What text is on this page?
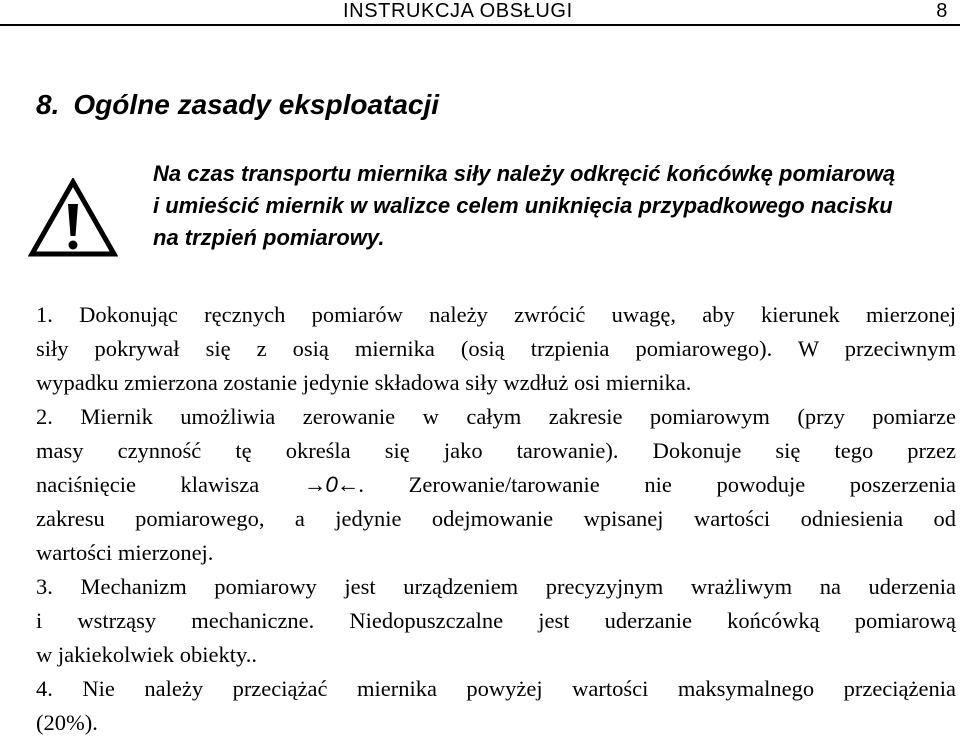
INSTRUKCJA OBSŁUGI	8
8. Ogólne zasady eksploatacji
Na czas transportu miernika siły należy odkręcić końcówkę pomiarową
i umieścić miernik w walizce celem uniknięcia przypadkowego nacisku
na trzpień pomiarowy.
1. Dokonując ręcznych pomiarów należy zwrócić uwagę, aby kierunek mierzonej
siły pokrywał się z osią miernika (osią trzpienia pomiarowego). W przeciwnym
wypadku zmierzona zostanie jedynie składowa siły wzdłuż osi miernika.
2. Miernik umożliwia zerowanie w całym zakresie pomiarowym (przy pomiarze
masy czynność tę określa się jako tarowanie). Dokonuje się tego przez
naciśnięcie klawisza →0←. Zerowanie/tarowanie nie powoduje poszerzenia
zakresu pomiarowego, a jedynie odejmowanie wpisanej wartości odniesienia od
wartości mierzonej.
3. Mechanizm pomiarowy jest urządzeniem precyzyjnym wrażliwym na uderzenia
i wstrząsy mechaniczne. Niedopuszczalne jest uderzanie końcówką pomiarową
w jakiekolwiek obiekty..
4. Nie należy przeciążać miernika powyżej wartości maksymalnego przeciążenia
(20%).
